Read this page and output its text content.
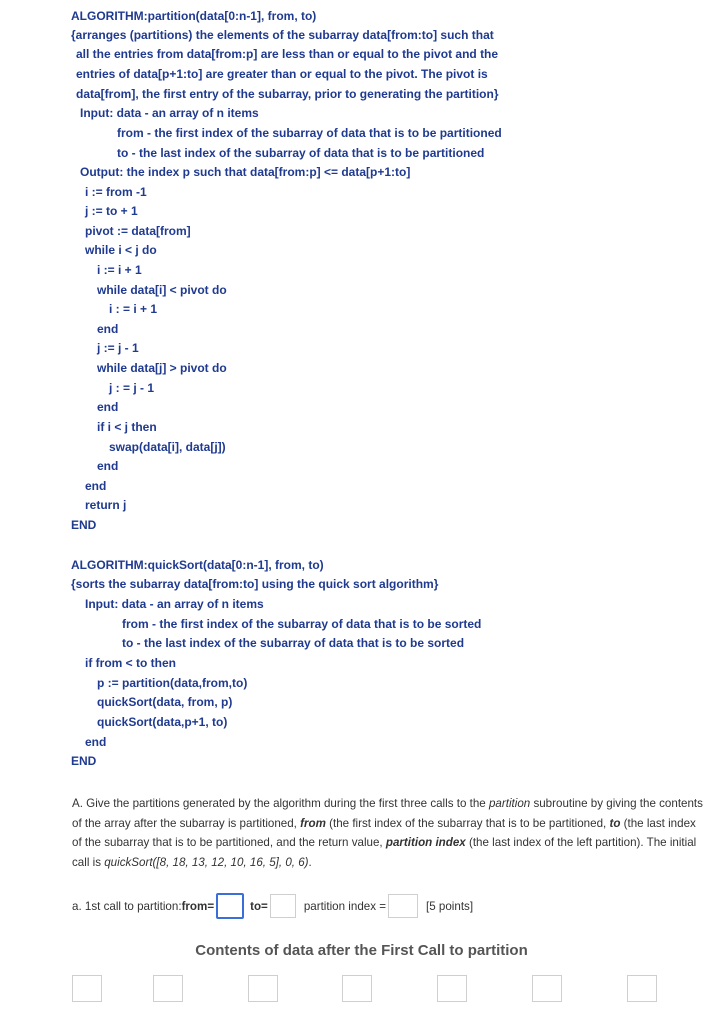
ALGORITHM:partition(data[0:n-1], from, to)
{arranges (partitions) the elements of the subarray data[from:to] such that
all the entries from data[from:p] are less than or equal to the pivot and the
entries of data[p+1:to] are greater than or equal to the pivot. The pivot is
data[from], the first entry of the subarray, prior to generating the partition}
Input: data - an array of n items
from - the first index of the subarray of data that is to be partitioned
to - the last index of the subarray of data that is to be partitioned
Output: the index p such that data[from:p] <= data[p+1:to]
i := from -1
j := to + 1
pivot := data[from]
while i < j do
i := i + 1
while data[i] < pivot do
i : = i + 1
end
j := j - 1
while data[j] > pivot do
j : = j - 1
end
if i < j then
swap(data[i], data[j])
end
end
return j
END
ALGORITHM:quickSort(data[0:n-1], from, to)
{sorts the subarray data[from:to] using the quick sort algorithm}
Input: data - an array of n items
from - the first index of the subarray of data that is to be sorted
to - the last index of the subarray of data that is to be sorted
if from < to then
p := partition(data,from,to)
quickSort(data, from, p)
quickSort(data,p+1, to)
end
END
A. Give the partitions generated by the algorithm during the first three calls to the partition subroutine by giving the contents of the array after the subarray is partitioned, from (the first index of the subarray that is to be partitioned, to (the last index of the subarray that is to be partitioned, and the return value, partition index (the last index of the left partition). The initial call is quickSort([8, 18, 13, 12, 10, 16, 5], 0, 6).
a. 1st call to partition: from=	to=	partition index =	[5 points]
Contents of data after the First Call to partition
